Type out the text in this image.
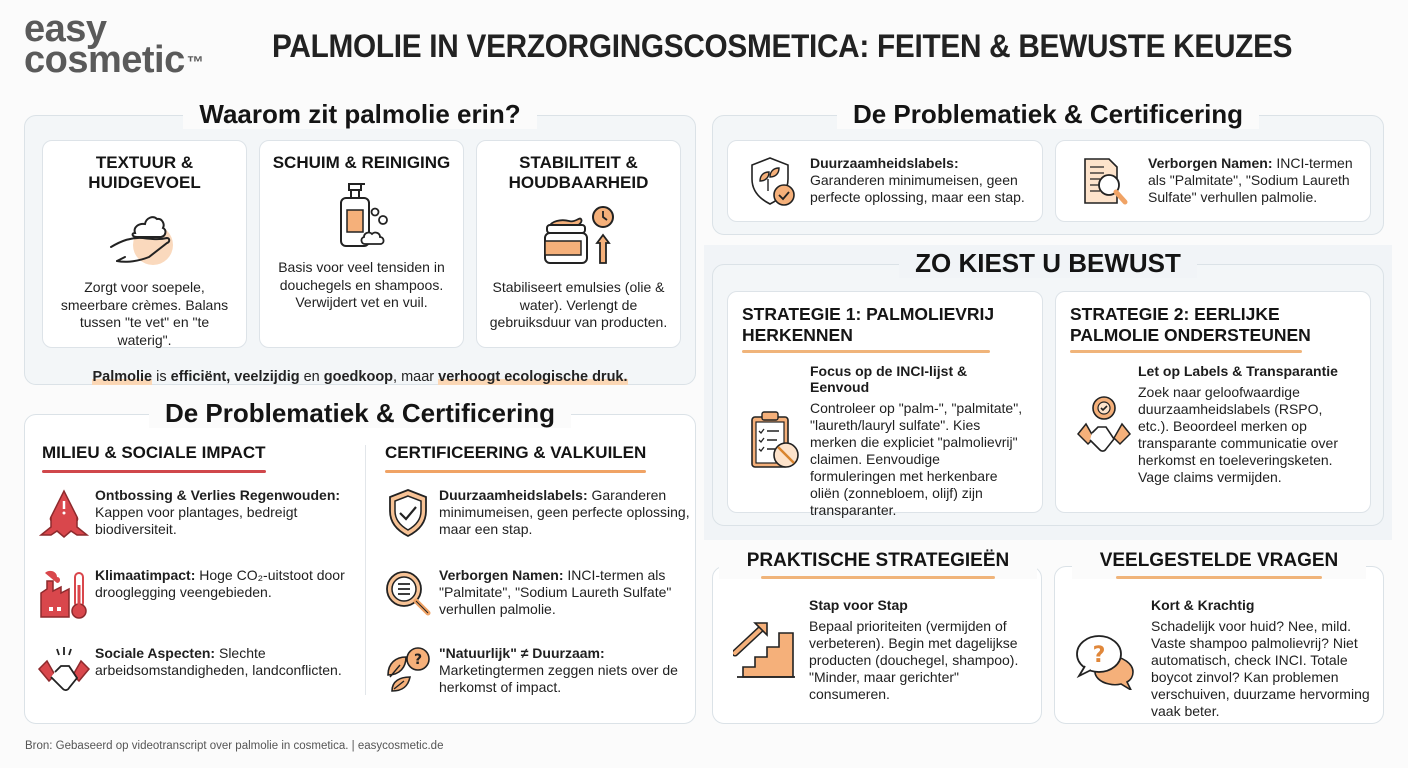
easy
cosmetic ™ PALMOLIE IN VERZORGINGSCOSMETICA: FEITEN & BEWUSTE KEUZES
Waarom zit palmolie erin?
TEXTUUR & HUIDGEVOEL

Zorgt voor soepele, smeerbare crèmes. Balans tussen "te vet" en "te waterig".

SCHUIM & REINIGING

Basis voor veel tensiden in douchegels en shampoos. Verwijdert vet en vuil.

STABILITEIT & HOUDBAARHEID

Stabiliseert emulsies (olie & water). Verlengt de gebruiksduur van producten.

Palmolie is efficiënt, veelzijdig en goedkoop, maar verhoogt ecologische druk.
De Problematiek & Certificering
MILIEU & SOCIALE IMPACT	CERTIFICEERING & VALKUILEN
Ontbossing & Verlies Regenwouden: Kappen voor plantages, bedreigt biodiversiteit.
Klimaatimpact: Hoge CO₂-uitstoot door drooglegging veengebieden.
Sociale Aspecten: Slechte arbeidsomstandigheden, landconflicten.
Duurzaamheidslabels: Garanderen minimumeisen, geen perfecte oplossing, maar een stap.
Verborgen Namen: INCI-termen als "Palmitate", "Sodium Laureth Sulfate" verhullen palmolie.
? "Natuurlijk" ≠ Duurzaam: Marketingtermen zeggen niets over de herkomst of impact.
De Problematiek & Certificering
Duurzaamheidslabels:
Garanderen minimumeisen, geen perfecte oplossing, maar een stap.
Verborgen Namen: INCI-termen als "Palmitate", "Sodium Laureth Sulfate" verhullen palmolie.
ZO KIEST U BEWUST
STRATEGIE 1: PALMOLIEVRIJ HERKENNEN
Focus op de INCI-lijst & Eenvoud
Controleer op "palm-", "palmitate", "laureth/lauryl sulfate". Kies merken die expliciet "palmolievrij" claimen. Eenvoudige formuleringen met herkenbare oliën (zonnebloem, olijf) zijn transparanter.
STRATEGIE 2: EERLIJKE PALMOLIE ONDERSTEUNEN
Let op Labels & Transparantie
Zoek naar geloofwaardige duurzaamheidslabels (RSPO, etc.). Beoordeel merken op transparante communicatie over herkomst en toeleveringsketen. Vage claims vermijden.
PRAKTISCHE STRATEGIEËN
Stap voor Stap
Bepaal prioriteiten (vermijden of verbeteren). Begin met dagelijkse producten (douchegel, shampoo). "Minder, maar gerichter" consumeren.
VEELGESTELDE VRAGEN
?
Kort & Krachtig
Schadelijk voor huid? Nee, mild. Vaste shampoo palmolievrij? Niet automatisch, check INCI. Totale boycot zinvol? Kan problemen verschuiven, duurzame hervorming vaak beter.
Bron: Gebaseerd op videotranscript over palmolie in cosmetica. | easycosmetic.de
